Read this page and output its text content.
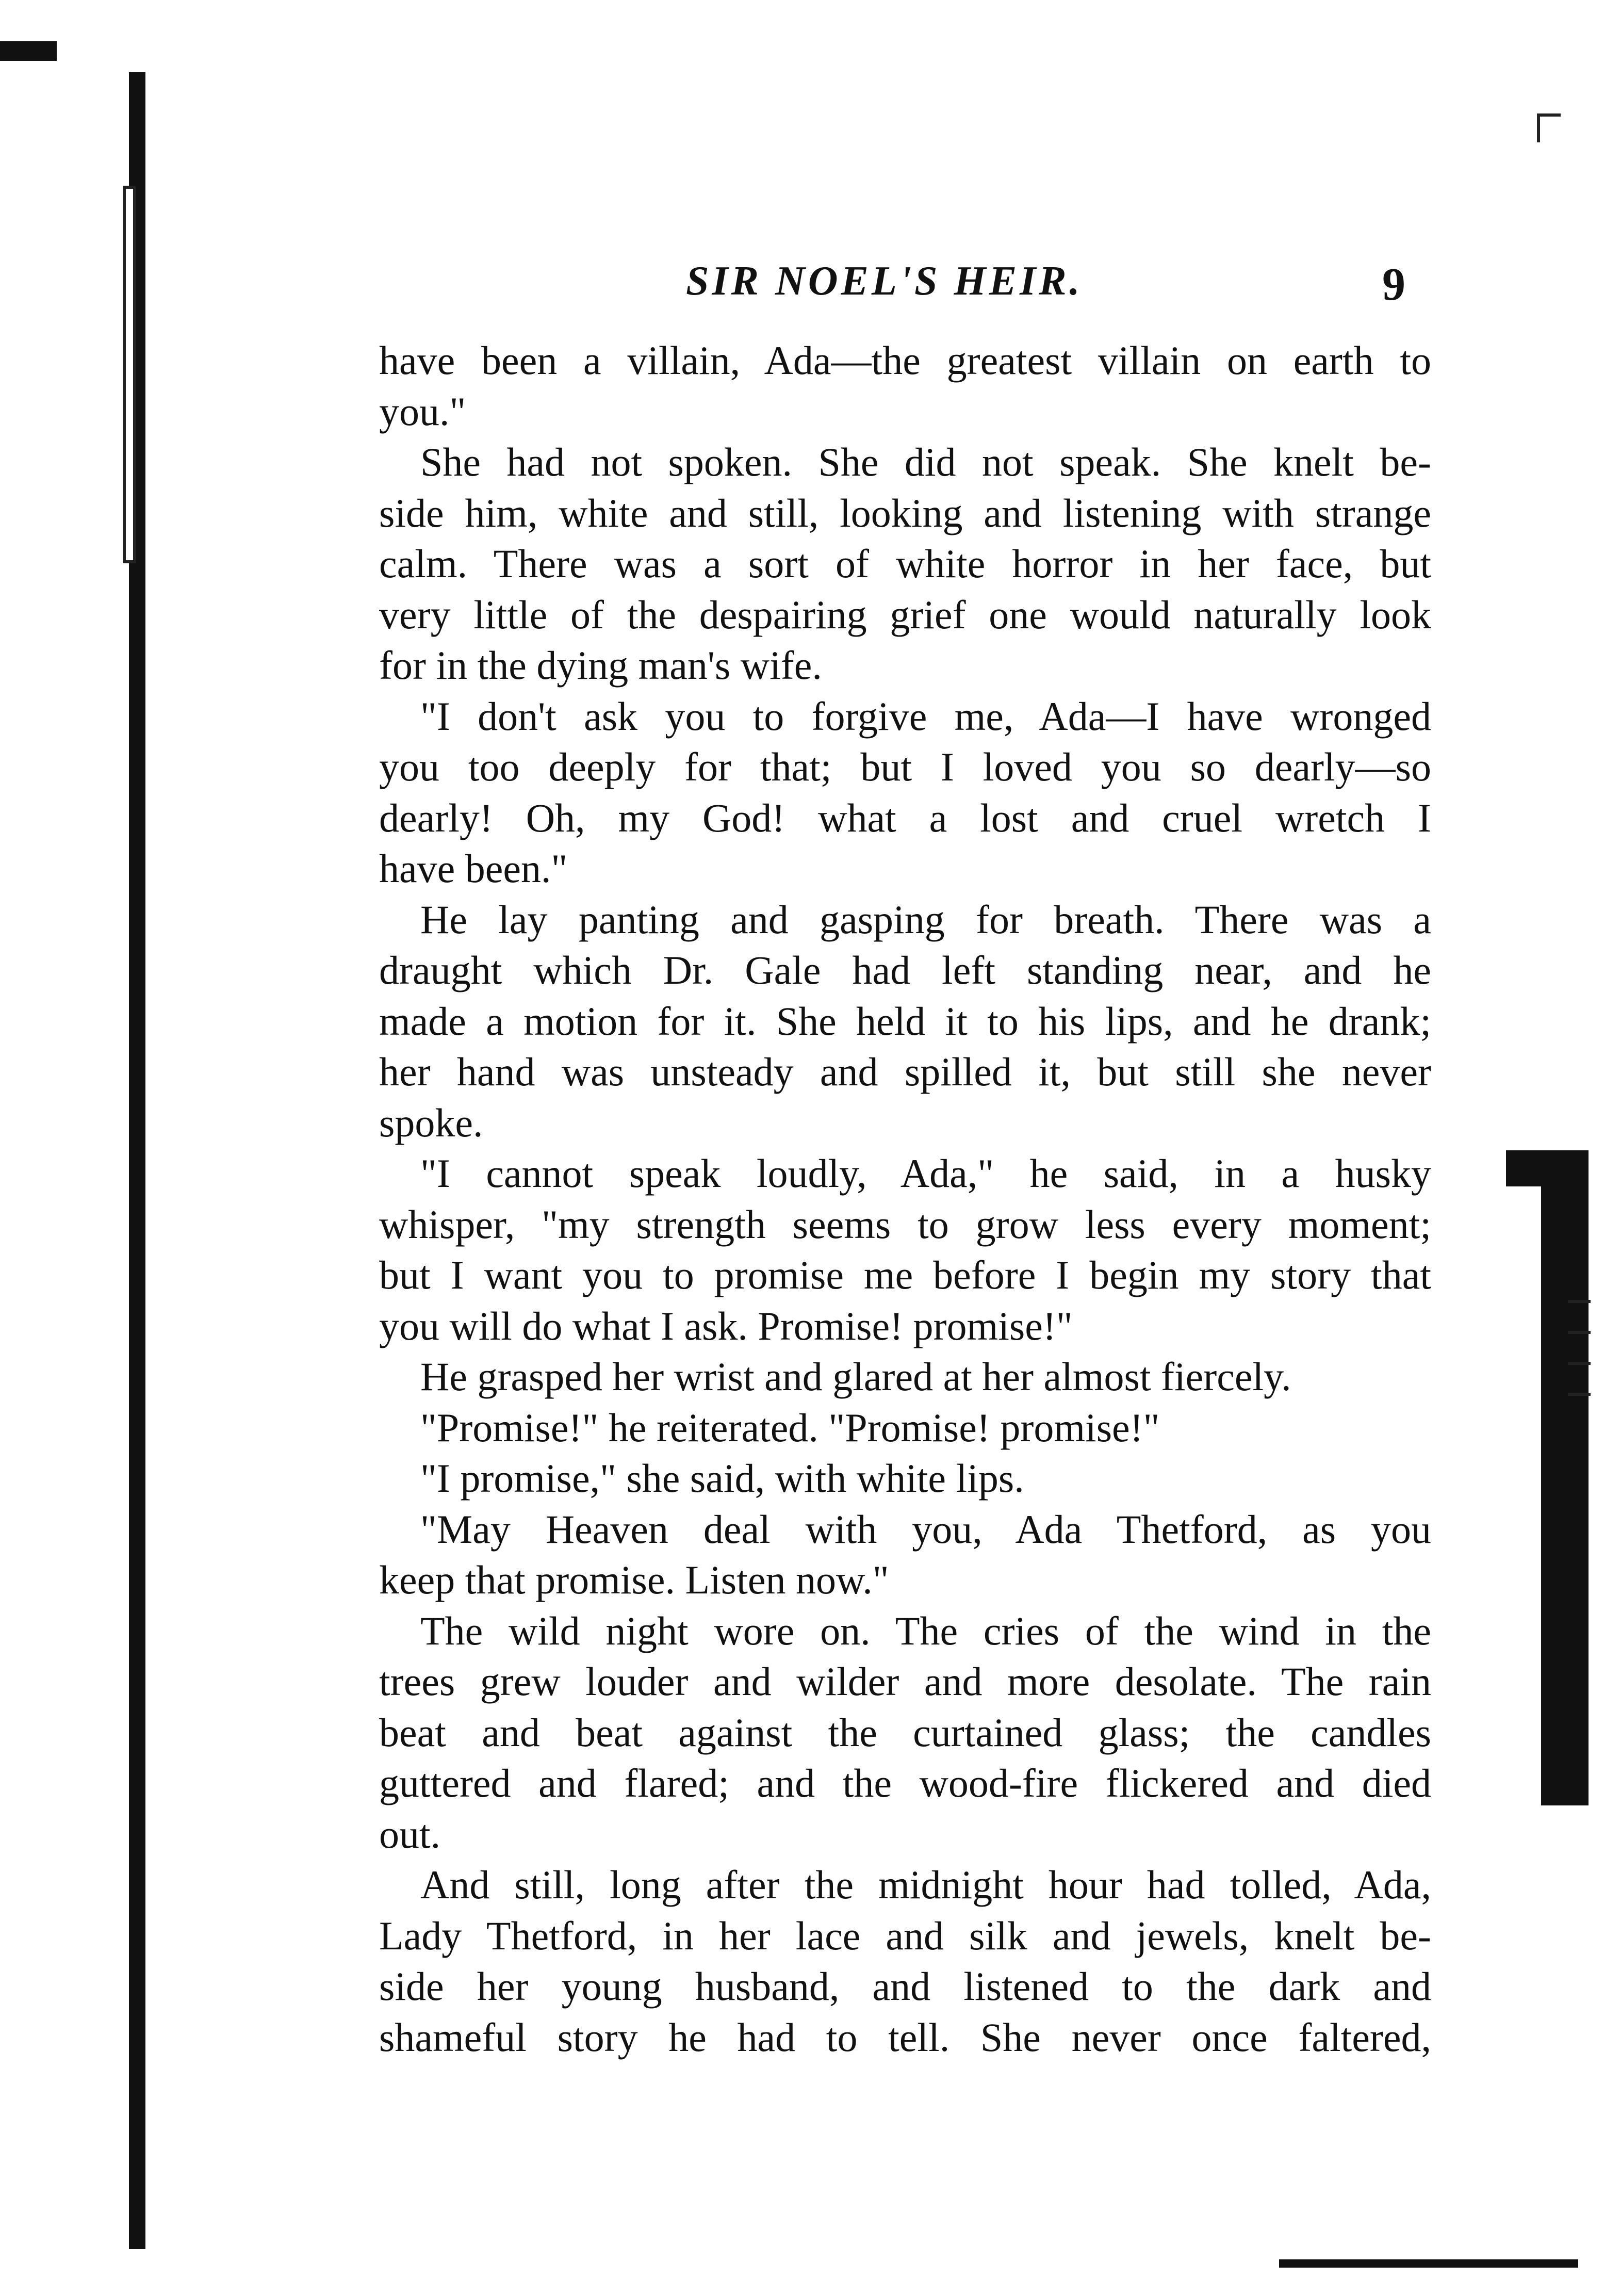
SIR NOEL'S HEIR.	9
have been a villain, Ada—the greatest villain on earth to
you."
She had not spoken. She did not speak. She knelt be-
side him, white and still, looking and listening with strange
calm. There was a sort of white horror in her face, but
very little of the despairing grief one would naturally look
for in the dying man's wife.
"I don't ask you to forgive me, Ada—I have wronged
you too deeply for that; but I loved you so dearly—so
dearly! Oh, my God! what a lost and cruel wretch I
have been."
He lay panting and gasping for breath. There was a
draught which Dr. Gale had left standing near, and he
made a motion for it. She held it to his lips, and he drank;
her hand was unsteady and spilled it, but still she never
spoke.
"I cannot speak loudly, Ada," he said, in a husky
whisper, "my strength seems to grow less every moment;
but I want you to promise me before I begin my story that
you will do what I ask. Promise! promise!"
He grasped her wrist and glared at her almost fiercely.
"Promise!" he reiterated. "Promise! promise!"
"I promise," she said, with white lips.
"May Heaven deal with you, Ada Thetford, as you
keep that promise. Listen now."
The wild night wore on. The cries of the wind in the
trees grew louder and wilder and more desolate. The rain
beat and beat against the curtained glass; the candles
guttered and flared; and the wood-fire flickered and died
out.
And still, long after the midnight hour had tolled, Ada,
Lady Thetford, in her lace and silk and jewels, knelt be-
side her young husband, and listened to the dark and
shameful story he had to tell. She never once faltered,
